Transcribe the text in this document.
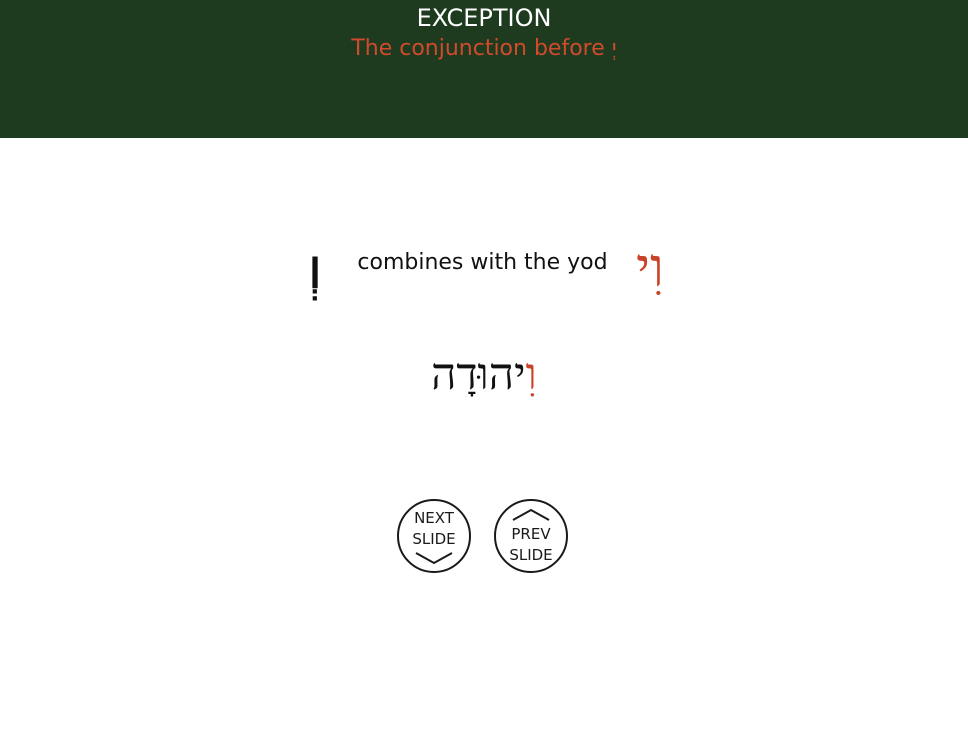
EXCEPTION
The conjunction before יְ
וְ	combines with the yod וִי
וִיהוּדָה
NEXT
SLIDE	PREV
SLIDE
